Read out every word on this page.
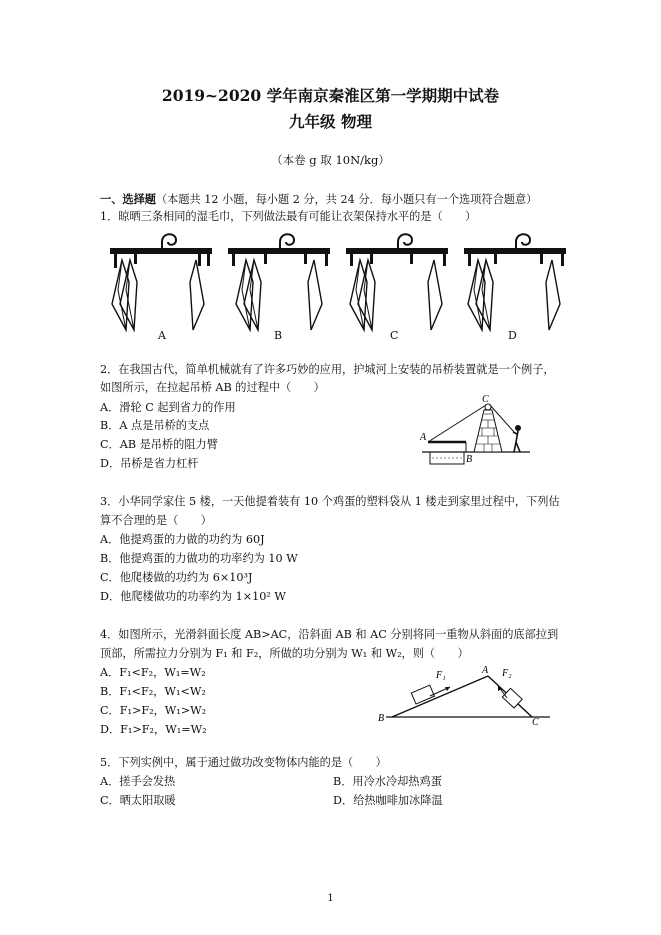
2019~2020 学年南京秦淮区第一学期期中试卷
九年级 物理
（本卷 g 取 10N/kg）
一、选择题（本题共 12 小题，每小题 2 分，共 24 分．每小题只有一个选项符合题意）
1．晾晒三条相同的湿毛巾，下列做法最有可能让衣架保持水平的是（　　）
A	B	C	D
2．在我国古代，简单机械就有了许多巧妙的应用，护城河上安装的吊桥装置就是一个例子，
如图所示，在拉起吊桥 AB 的过程中（　　）
A．滑轮 C 起到省力的作用
B．A 点是吊桥的支点
C．AB 是吊桥的阻力臂
D．吊桥是省力杠杆
C
A
B
3．小华同学家住 5 楼，一天他提着装有 10 个鸡蛋的塑料袋从 1 楼走到家里过程中，下列估
算不合理的是（　　）
A．他提鸡蛋的力做的功约为 60J
B．他提鸡蛋的力做功的功率约为 10 W
C．他爬楼做的功约为 6×10³J
D．他爬楼做功的功率约为 1×10² W
4．如图所示，光滑斜面长度 AB>AC，沿斜面 AB 和 AC 分别将同一重物从斜面的底部拉到
顶部，所需拉力分别为 F₁ 和 F₂，所做的功分别为 W₁ 和 W₂，则（　　）
A．F₁<F₂，W₁=W₂
B．F₁<F₂，W₁<W₂
C．F₁>F₂，W₁>W₂
D．F₁>F₂，W₁=W₂
B
A
C
F₁	F₂
5．下列实例中，属于通过做功改变物体内能的是（　　）
A．搓手会发热	B．用冷水冷却热鸡蛋
C．晒太阳取暖	D．给热咖啡加冰降温
1
